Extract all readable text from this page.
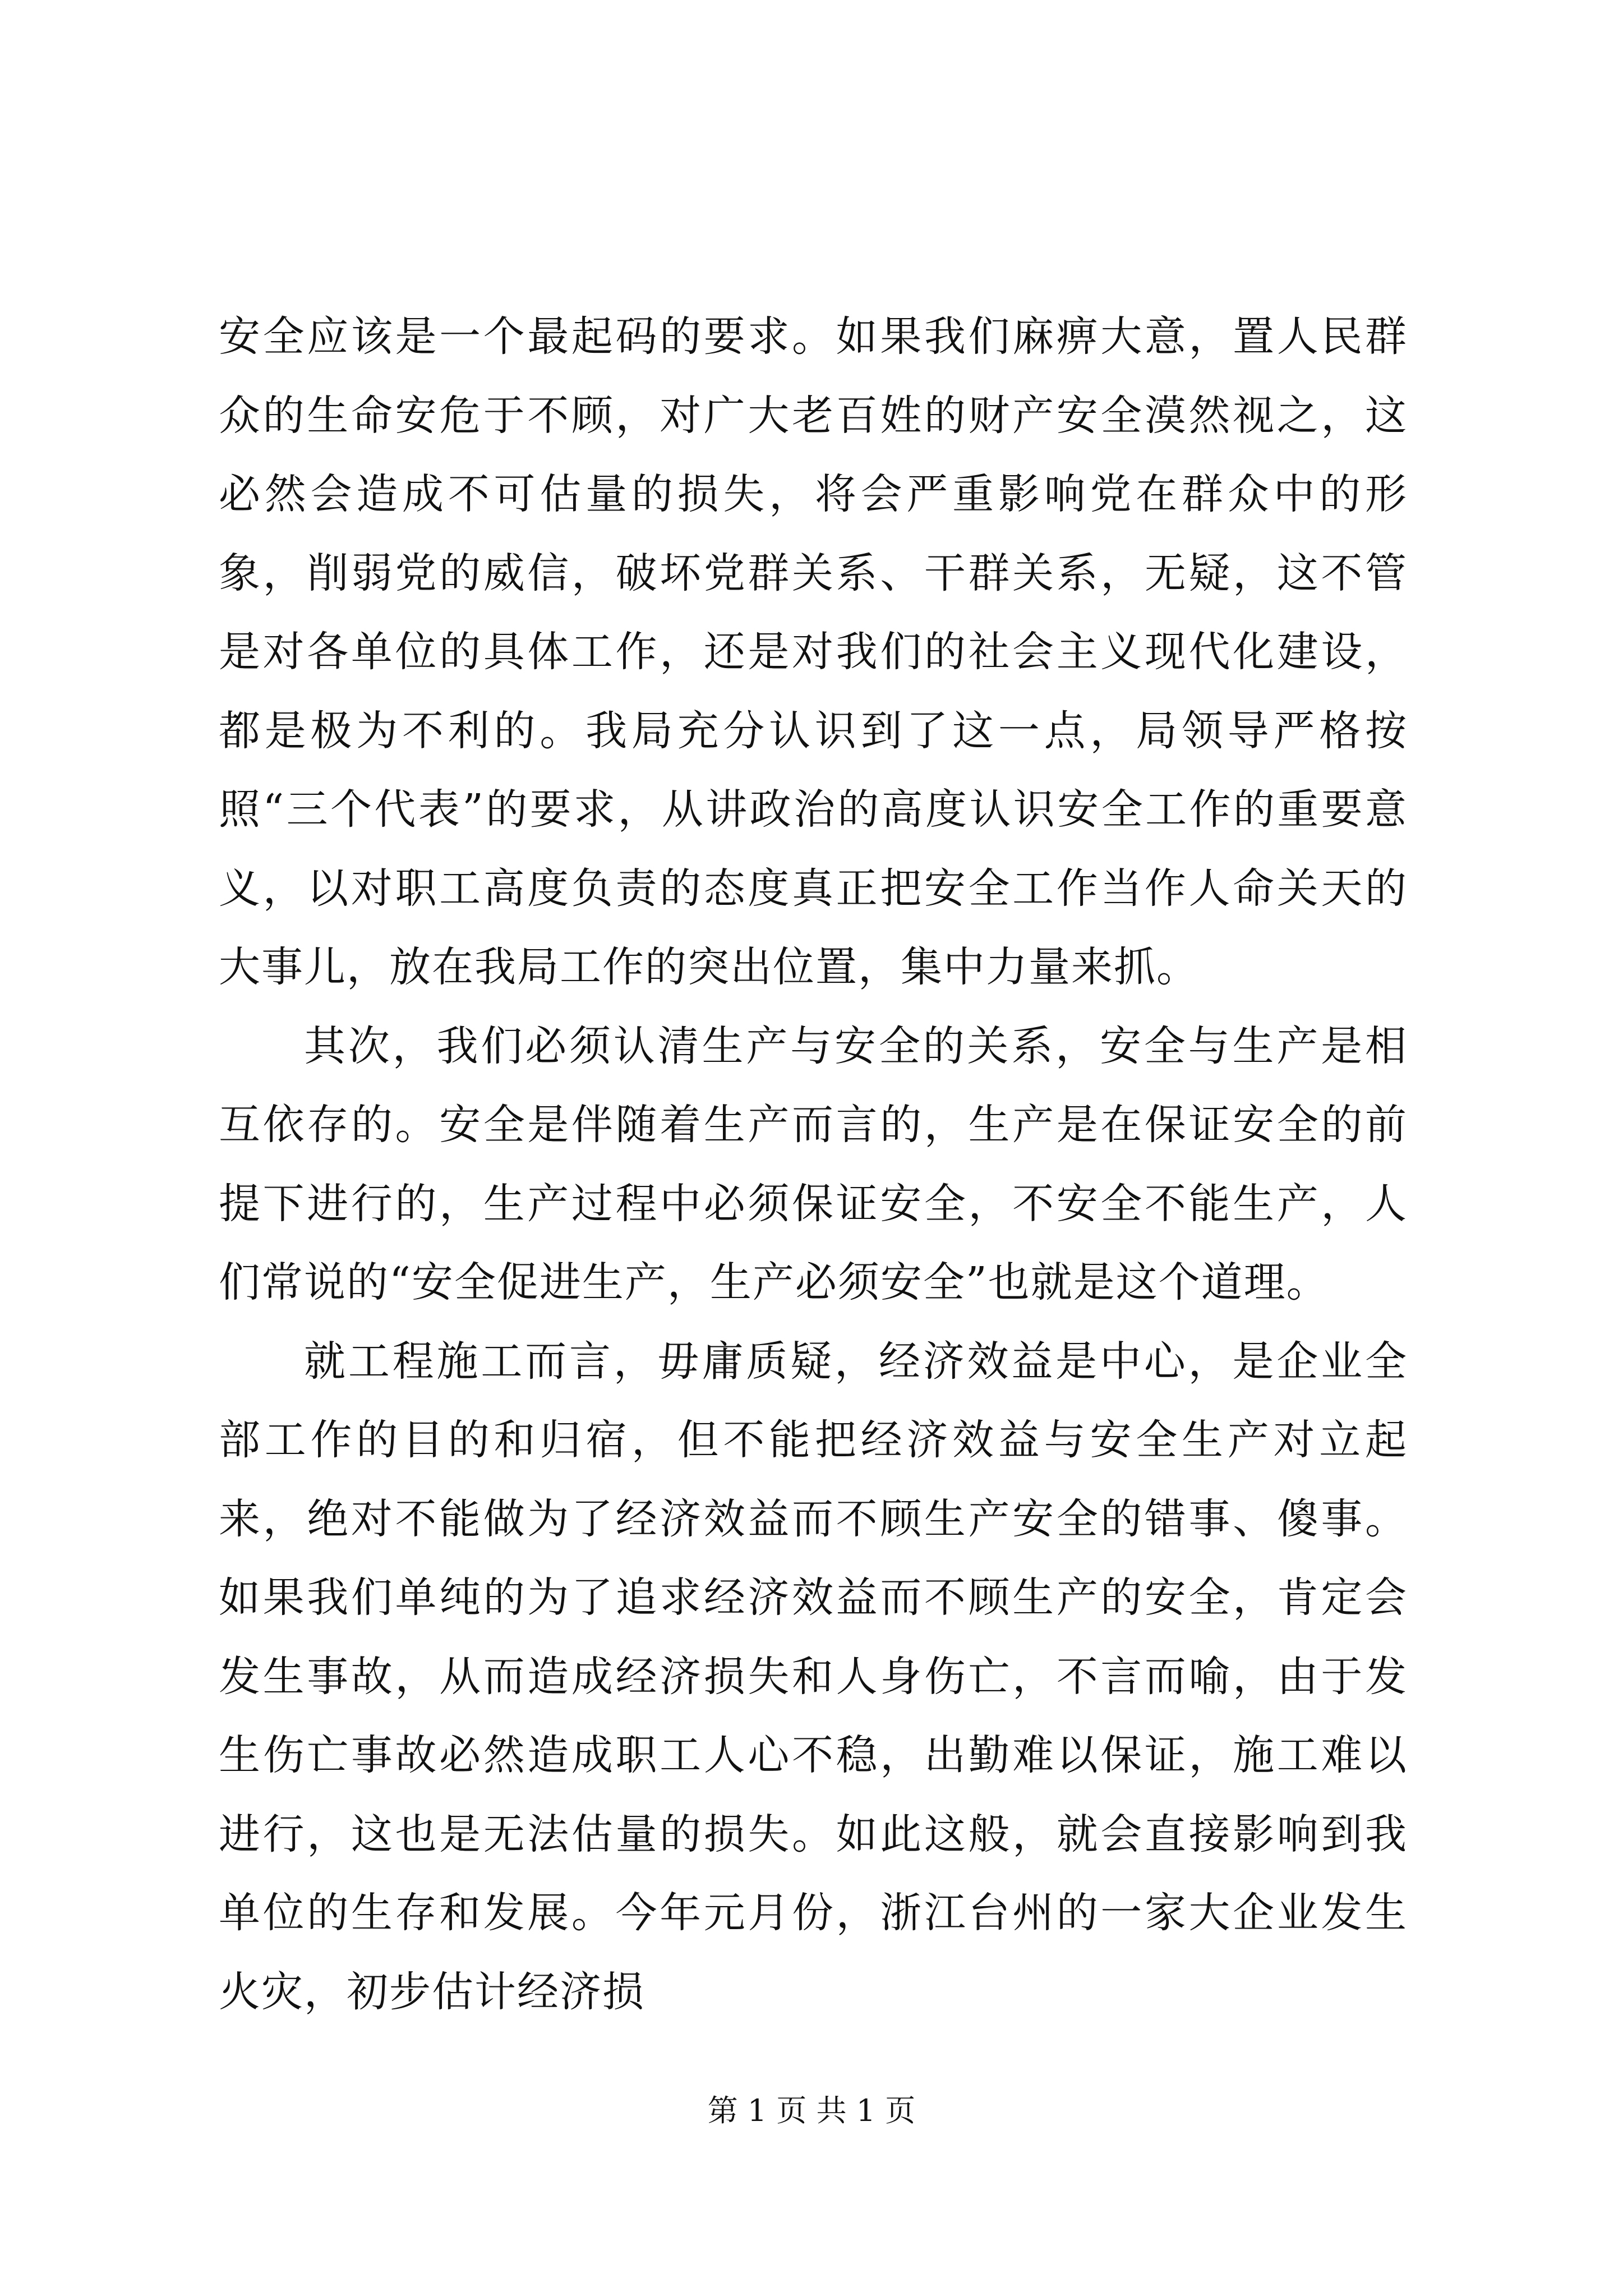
安全应该是一个最起码的要求。如果我们麻痹大意，置人民群众的生命安危于不顾，对广大老百姓的财产安全漠然视之，这必然会造成不可估量的损失，将会严重影响党在群众中的形象，削弱党的威信，破坏党群关系、干群关系，无疑，这不管是对各单位的具体工作，还是对我们的社会主义现代化建设，都是极为不利的。我局充分认识到了这一点，局领导严格按照“三个代表”的要求，从讲政治的高度认识安全工作的重要意义，以对职工高度负责的态度真正把安全工作当作人命关天的大事儿，放在我局工作的突出位置，集中力量来抓。

其次，我们必须认清生产与安全的关系，安全与生产是相互依存的。安全是伴随着生产而言的，生产是在保证安全的前提下进行的，生产过程中必须保证安全，不安全不能生产，人们常说的“安全促进生产，生产必须安全”也就是这个道理。

就工程施工而言，毋庸质疑，经济效益是中心，是企业全部工作的目的和归宿，但不能把经济效益与安全生产对立起来，绝对不能做为了经济效益而不顾生产安全的错事、傻事。如果我们单纯的为了追求经济效益而不顾生产的安全，肯定会发生事故，从而造成经济损失和人身伤亡，不言而喻，由于发生伤亡事故必然造成职工人心不稳，出勤难以保证，施工难以进行，这也是无法估量的损失。如此这般，就会直接影响到我单位的生存和发展。今年元月份，浙江台州的一家大企业发生火灾，初步估计经济损

第 1 页 共 1 页
